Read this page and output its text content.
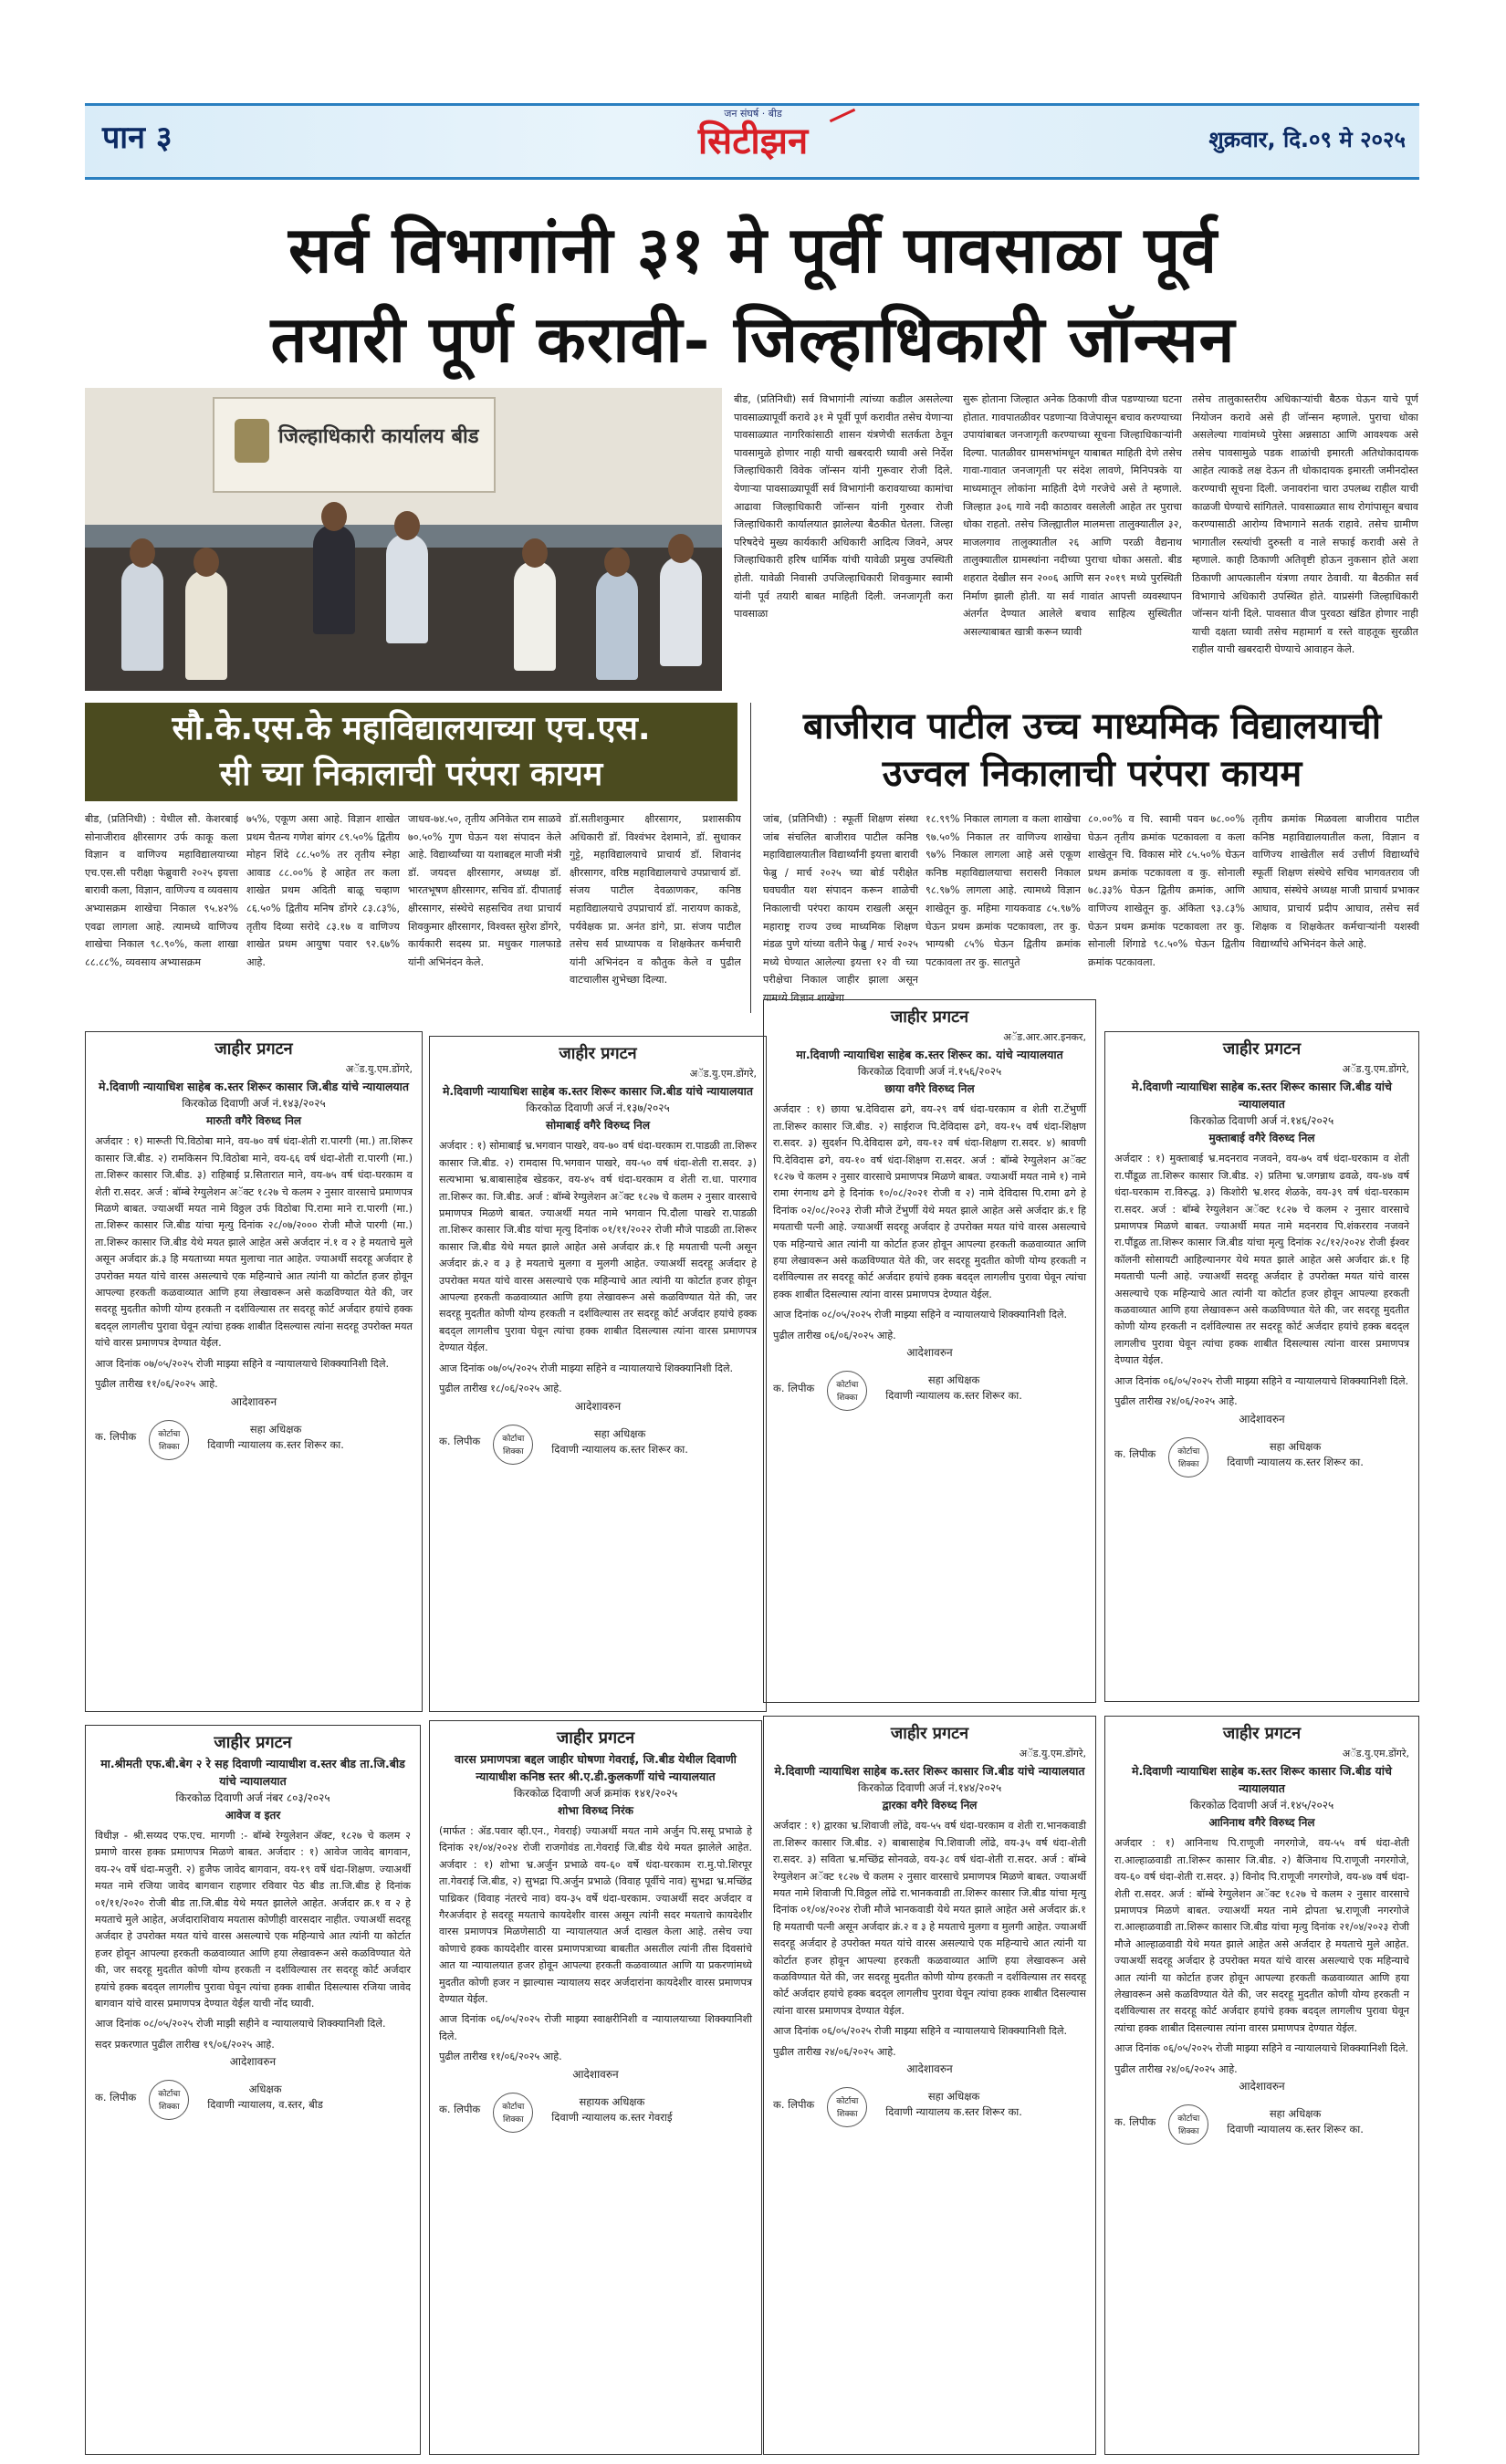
पान ३
जन संघर्ष · बीड
सिटीझन	शुक्रवार, दि.०९ मे २०२५
सर्व विभागांनी ३१ मे पूर्वी पावसाळा पूर्व
तयारी पूर्ण करावी- जिल्हाधिकारी जॉन्सन
जिल्हाधिकारी कार्यालय बीड
बीड, (प्रतिनिधी) सर्व विभागांनी त्यांच्या कडील असलेल्या पावसाळ्यापूर्वी करावे ३१ मे पूर्वी पूर्ण करावीत तसेच येणाऱ्या पावसाळ्यात नागरिकांसाठी शासन यंत्रणेची सतर्कता ठेवून पावसामुळे होणार नाही याची खबरदारी घ्यावी असे निर्देश जिल्हाधिकारी विवेक जॉन्सन यांनी गुरूवार रोजी दिले. येणाऱ्या पावसाळ्यापूर्वी सर्व विभागांनी करावयाच्या कामांचा आढावा जिल्हाधिकारी जॉन्सन यांनी गुरुवार रोजी जिल्हाधिकारी कार्यालयात झालेल्या बैठकीत घेतला. जिल्हा परिषदेचे मुख्य कार्यकारी अधिकारी आदित्य जिवने, अपर जिल्हाधिकारी हरिष धार्मिक यांची यावेळी प्रमुख उपस्थिती होती. यावेळी निवासी उपजिल्हाधिकारी शिवकुमार स्वामी यांनी पूर्व तयारी बाबत माहिती दिली. जनजागृती करा पावसाळा
सुरू होताना जिल्हात अनेक ठिकाणी वीज पडण्याच्या घटना होतात. गावपातळीवर पडणाऱ्या विजेपासून बचाव करण्याच्या उपायांबाबत जनजागृती करण्याच्या सूचना जिल्हाधिकाऱ्यांनी दिल्या. पातळीवर ग्रामसभांमधून याबाबत माहिती देणे तसेच गावा-गावात जनजागृती पर संदेश लावणे, मिनिपत्रके या माध्यमातून लोकांना माहिती देणे गरजेचे असे ते म्हणाले. जिल्हात ३०६ गावे नदी काठावर वसलेली आहेत तर पुराचा धोका राहतो. तसेच जिल्ह्यातील मालमत्ता तालुक्यातील ३२, माजलगाव तालुक्यातील २६ आणि परळी वैद्यनाथ तालुक्यातील ग्रामस्थांना नदीच्या पुराचा धोका असतो. बीड शहरात देखील सन २००६ आणि सन २०१९ मध्ये पुरस्थिती निर्माण झाली होती. या सर्व गावांत आपत्ती व्यवस्थापन अंतर्गत देण्यात आलेले बचाव साहित्य सुस्थितीत असल्याबाबत खात्री करून घ्यावी
तसेच तालुकास्तरीय अधिकाऱ्यांची बैठक घेऊन याचे पूर्ण नियोजन करावे असे ही जॉन्सन म्हणाले. पुराचा धोका असलेल्या गावांमध्ये पुरेसा अन्नसाठा आणि आवश्यक असे तसेच पावसामुळे पडक शाळांची इमारती अतिधोकादायक आहेत त्याकडे लक्ष देऊन ती धोकादायक इमारती जमीनदोस्त करण्याची सूचना दिली. जनावरांना चारा उपलब्ध राहील याची काळजी घेण्याचे सांगितले. पावसाळ्यात साथ रोगांपासून बचाव करण्यासाठी आरोग्य विभागाने सतर्क राहावे. तसेच ग्रामीण भागातील रस्त्यांची दुरुस्ती व नाले सफाई करावी असे ते म्हणाले. काही ठिकाणी अतिवृष्टी होऊन नुकसान होते अशा ठिकाणी आपत्कालीन यंत्रणा तयार ठेवावी. या बैठकीत सर्व विभागाचे अधिकारी उपस्थित होते. याप्रसंगी जिल्हाधिकारी जॉन्सन यांनी दिले. पावसात वीज पुरवठा खंडित होणार नाही याची दक्षता घ्यावी तसेच महामार्ग व रस्ते वाहतूक सुरळीत राहील याची खबरदारी घेण्याचे आवाहन केले.
सौ.के.एस.के महाविद्यालयाच्या एच.एस.
सी च्या निकालाची परंपरा कायम
बाजीराव पाटील उच्च माध्यमिक विद्यालयाची
उज्वल निकालाची परंपरा कायम
बीड, (प्रतिनिधी) : येथील सौ. केशरबाई सोनाजीराव क्षीरसागर उर्फ काकू कला विज्ञान व वाणिज्य महाविद्यालयाच्या एच.एस.सी परीक्षा फेब्रुवारी २०२५ इयत्ता बारावी कला, विज्ञान, वाणिज्य व व्यवसाय अभ्यासक्रम शाखेचा निकाल ९५.४२% एवढा लागला आहे. त्यामध्ये वाणिज्य शाखेचा निकाल ९८.९०%, कला शाखा ८८.८८%, व्यवसाय अभ्यासक्रम
७५%, एकूण असा आहे. विज्ञान शाखेत प्रथम चैतन्य गणेश बांगर ८९.५०% द्वितीय मोहन शिंदे ८८.५०% तर तृतीय स्नेहा आवाड ८८.००% हे आहेत तर कला शाखेत प्रथम अदिती बाळू चव्हाण ८६.५०% द्वितीय मनिष डोंगरे ८३.८३%, तृतीय दिव्या सरोदे ८३.१७ व वाणिज्य शाखेत प्रथम आयुषा पवार ९२.६७% आहे.
जाधव-७४.५०, तृतीय अनिकेत राम साळवे ७०.५०% गुण घेऊन यश संपादन केले आहे. विद्यार्थ्यांच्या या यशाबद्दल माजी मंत्री डॉ. जयदत्त क्षीरसागर, अध्यक्ष डॉ. भारतभूषण क्षीरसागर, सचिव डॉ. दीपाताई क्षीरसागर, संस्थेचे सहसचिव तथा प्राचार्य शिवकुमार क्षीरसागर, विश्वस्त सुरेश डोंगरे, कार्यकारी सदस्य प्रा. मधुकर गालफाडे यांनी अभिनंदन केले.
डॉ.सतीशकुमार क्षीरसागर, प्रशासकीय अधिकारी डॉ. विश्वंभर देशमाने, डॉ. सुधाकर गुट्टे, महाविद्यालयाचे प्राचार्य डॉ. शिवानंद क्षीरसागर, वरिष्ठ महाविद्यालयाचे उपप्राचार्य डॉ. संजय पाटील देवळाणकर, कनिष्ठ महाविद्यालयाचे उपप्राचार्य डॉ. नारायण काकडे, पर्यवेक्षक प्रा. अनंत डांगे, प्रा. संजय पाटील तसेच सर्व प्राध्यापक व शिक्षकेतर कर्मचारी यांनी अभिनंदन व कौतुक केले व पुढील वाटचालीस शुभेच्छा दिल्या.
जांब, (प्रतिनिधी) : स्फूर्ती शिक्षण संस्था जांब संचलित बाजीराव पाटील कनिष्ठ महाविद्यालयातील विद्यार्थ्यांनी इयत्ता बारावी फेब्रु / मार्च २०२५ च्या बोर्ड परीक्षेत घवघवीत यश संपादन करून शाळेची निकालाची परंपरा कायम राखली असून महाराष्ट्र राज्य उच्च माध्यमिक शिक्षण मंडळ पुणे यांच्या वतीने फेब्रु / मार्च २०२५ मध्ये घेण्यात आलेल्या इयत्ता १२ वी च्या परीक्षेचा निकाल जाहीर झाला असून यामध्ये विज्ञान शाखेचा
१८.९९% निकाल लागला व कला शाखेचा ९७.५०% निकाल तर वाणिज्य शाखेचा ९७% निकाल लागला आहे असे एकूण कनिष्ठ महाविद्यालयाचा सरासरी निकाल ९८.९७% लागला आहे. त्यामध्ये विज्ञान शाखेतून कु. महिमा गायकवाड ८५.९७% घेऊन प्रथम क्रमांक पटकावला, तर कु. भाग्यश्री ८५% घेऊन द्वितीय क्रमांक पटकावला तर कु. सातपुते
८०.००% व चि. स्वामी पवन ७८.००% घेऊन तृतीय क्रमांक पटकावला व कला शाखेतून चि. विकास मोरे ८५.५०% घेऊन प्रथम क्रमांक पटकावला व कु. सोनाली ७८.३३% घेऊन द्वितीय क्रमांक, आणि वाणिज्य शाखेतून कु. अंकिता ९३.८३% घेऊन प्रथम क्रमांक पटकावला तर कु. सोनाली शिंगाडे ९८.५०% घेऊन द्वितीय क्रमांक पटकावला.
तृतीय क्रमांक मिळवला बाजीराव पाटील कनिष्ठ महाविद्यालयातील कला, विज्ञान व वाणिज्य शाखेतील सर्व उत्तीर्ण विद्यार्थ्यांचे स्फूर्ती शिक्षण संस्थेचे सचिव भागवतराव जी आघाव, संस्थेचे अध्यक्ष माजी प्राचार्य प्रभाकर आघाव, प्राचार्य प्रदीप आघाव, तसेच सर्व शिक्षक व शिक्षकेतर कर्मचाऱ्यांनी यशस्वी विद्यार्थ्यांचे अभिनंदन केले आहे.
जाहीर प्रगटन
अॅड.यु.एम.डोंगरे,
मे.दिवाणी न्यायाधिश साहेब क.स्तर शिरूर कासार जि.बीड यांचे न्यायालयात
किरकोळ दिवाणी अर्ज नं.१४३/२०२५
मारुती वगैरे विरुध्द निल
अर्जदार : १) मारूती पि.विठोबा माने, वय-७० वर्ष धंदा-शेती रा.पारगी (मा.) ता.शिरूर कासार जि.बीड. २) रामकिसन पि.विठोबा माने, वय-६६ वर्ष धंदा-शेती रा.पारगी (मा.) ता.शिरूर कासार जि.बीड. ३) राहिबाई प्र.सितारात माने, वय-७५ वर्ष धंदा-घरकाम व शेती रा.सदर. अर्ज : बॉम्बे रेग्युलेशन अॅक्ट १८२७ चे कलम २ नुसार वारसाचे प्रमाणपत्र मिळणे बाबत. ज्याअर्थी मयत नामे विठ्ठल उर्फ विठोबा पि.रामा माने रा.पारगी (मा.) ता.शिरूर कासार जि.बीड यांचा मृत्यु दिनांक २८/०७/२००० रोजी मौजे पारगी (मा.) ता.शिरूर कासार जि.बीड येथे मयत झाले आहेत असे अर्जदार नं.१ व २ हे मयताचे मुले असून अर्जदार क्रं.३ हि मयताच्या मयत मुलाचा नात आहेत. ज्याअर्थी सदरहू अर्जदार हे उपरोक्त मयत यांचे वारस असल्याचे एक महिन्याचे आत त्यांनी या कोर्टात हजर होवून आपल्या हरकती कळवाव्यात आणि हया लेखावरून असे कळविण्यात येते की, जर सदरहू मुदतीत कोणी योग्य हरकती न दर्शविल्यास तर सदरहू कोर्ट अर्जदार हयांचे हक्क बदद्ल लागलीच पुरावा घेवून त्यांचा हक्क शाबीत दिसल्यास त्यांना सदरहू उपरोक्त मयत यांचे वारस प्रमाणपत्र देण्यात येईल.
आज दिनांक ०७/०५/२०२५ रोजी माझ्या सहिने व न्यायालयाचे शिक्क्यानिशी दिले.
पुढील तारीख ११/०६/२०२५ आहे.
आदेशावरुन
क. लिपीक	कोर्टाचा शिक्कासहा अधिक्षक
दिवाणी न्यायालय क.स्तर शिरूर का.
जाहीर प्रगटन
अॅड.यु.एम.डोंगरे,
मे.दिवाणी न्यायाधिश साहेब क.स्तर शिरूर कासार जि.बीड यांचे न्यायालयात
किरकोळ दिवाणी अर्ज नं.१३७/२०२५
सोमाबाई वगैरे विरुध्द निल
अर्जदार : १) सोमाबाई भ्र.भगवान पाखरे, वय-७० वर्ष धंदा-घरकाम रा.पाडळी ता.शिरूर कासार जि.बीड. २) रामदास पि.भगवान पाखरे, वय-५० वर्ष धंदा-शेती रा.सदर. ३) सत्यभामा भ्र.बाबासाहेब खेडकर, वय-४५ वर्ष धंदा-घरकाम व शेती रा.धा. पारगाव ता.शिरूर का. जि.बीड. अर्ज : बॉम्बे रेग्युलेशन अॅक्ट १८२७ चे कलम २ नुसार वारसाचे प्रमाणपत्र मिळणे बाबत. ज्याअर्थी मयत नामे भगवान पि.दौला पाखरे रा.पाडळी ता.शिरूर कासार जि.बीड यांचा मृत्यु दिनांक ०१/११/२०२२ रोजी मौजे पाडळी ता.शिरूर कासार जि.बीड येथे मयत झाले आहेत असे अर्जदार क्रं.१ हि मयताची पत्नी असून अर्जदार क्रं.२ व ३ हे मयताचे मुलगा व मुलगी आहेत. ज्याअर्थी सदरहू अर्जदार हे उपरोक्त मयत यांचे वारस असल्याचे एक महिन्याचे आत त्यांनी या कोर्टात हजर होवून आपल्या हरकती कळवाव्यात आणि हया लेखावरून असे कळविण्यात येते की, जर सदरहू मुदतीत कोणी योग्य हरकती न दर्शविल्यास तर सदरहू कोर्ट अर्जदार हयांचे हक्क बदद्ल लागलीच पुरावा घेवून त्यांचा हक्क शाबीत दिसल्यास त्यांना वारस प्रमाणपत्र देण्यात येईल.
आज दिनांक ०७/०५/२०२५ रोजी माझ्या सहिने व न्यायालयाचे शिक्क्यानिशी दिले.
पुढील तारीख १८/०६/२०२५ आहे.
आदेशावरुन
क. लिपीक	कोर्टाचा शिक्कासहा अधिक्षक
दिवाणी न्यायालय क.स्तर शिरूर का.
जाहीर प्रगटन
अॅड.आर.आर.इनकर,
मा.दिवाणी न्यायाधिश साहेब क.स्तर शिरूर का. यांचे न्यायालयात
किरकोळ दिवाणी अर्ज नं.१५६/२०२५
छाया वगैरे विरुध्द निल
अर्जदार : १) छाया भ्र.देविदास ढगे, वय-२९ वर्ष धंदा-घरकाम व शेती रा.टेंभुर्णी ता.शिरूर कासार जि.बीड. २) साईराज पि.देविदास ढगे, वय-१५ वर्ष धंदा-शिक्षण रा.सदर. ३) सुदर्शन पि.देविदास ढगे, वय-१२ वर्ष धंदा-शिक्षण रा.सदर. ४) श्रावणी पि.देविदास ढगे, वय-१० वर्ष धंदा-शिक्षण रा.सदर. अर्ज : बॉम्बे रेग्युलेशन अॅक्ट १८२७ चे कलम २ नुसार वारसाचे प्रमाणपत्र मिळणे बाबत. ज्याअर्थी मयत नामे १) नामे रामा रंगनाथ ढगे हे दिनांक १०/०८/२०२१ रोजी व २) नामे देविदास पि.रामा ढगे हे दिनांक ०२/०८/२०२३ रोजी मौजे टेंभुर्णी येथे मयत झाले आहेत असे अर्जदार क्रं.१ हि मयताची पत्नी आहे. ज्याअर्थी सदरहू अर्जदार हे उपरोक्त मयत यांचे वारस असल्याचे एक महिन्याचे आत त्यांनी या कोर्टात हजर होवून आपल्या हरकती कळवाव्यात आणि हया लेखावरून असे कळविण्यात येते की, जर सदरहू मुदतीत कोणी योग्य हरकती न दर्शविल्यास तर सदरहू कोर्ट अर्जदार हयांचे हक्क बदद्ल लागलीच पुरावा घेवून त्यांचा हक्क शाबीत दिसल्यास त्यांना वारस प्रमाणपत्र देण्यात येईल.
आज दिनांक ०८/०५/२०२५ रोजी माझ्या सहिने व न्यायालयाचे शिक्क्यानिशी दिले.
पुढील तारीख ०६/०६/२०२५ आहे.
आदेशावरुन
क. लिपीक	कोर्टाचा शिक्कासहा अधिक्षक
दिवाणी न्यायालय क.स्तर शिरूर का.
जाहीर प्रगटन
अॅड.यु.एम.डोंगरे,
मे.दिवाणी न्यायाधिश साहेब क.स्तर शिरूर कासार जि.बीड यांचे न्यायालयात
किरकोळ दिवाणी अर्ज नं.१४६/२०२५
मुक्ताबाई वगैरे विरुध्द निल
अर्जदार : १) मुक्ताबाई भ्र.मदनराव नजवने, वय-७५ वर्ष धंदा-घरकाम व शेती रा.पौंडूळ ता.शिरूर कासार जि.बीड. २) प्रतिमा भ्र.जगन्नाथ ढवळे, वय-४७ वर्ष धंदा-घरकाम रा.विरुद्ध. ३) किशोरी भ्र.शरद शेळके, वय-३९ वर्ष धंदा-घरकाम रा.सदर. अर्ज : बॉम्बे रेग्युलेशन अॅक्ट १८२७ चे कलम २ नुसार वारसाचे प्रमाणपत्र मिळणे बाबत. ज्याअर्थी मयत नामे मदनराव पि.शंकरराव नजवने रा.पौंडूळ ता.शिरूर कासार जि.बीड यांचा मृत्यु दिनांक २८/१२/२०२४ रोजी ईश्वर कॉलनी सोसायटी आहिल्यानगर येथे मयत झाले आहेत असे अर्जदार क्रं.१ हि मयताची पत्नी आहे. ज्याअर्थी सदरहू अर्जदार हे उपरोक्त मयत यांचे वारस असल्याचे एक महिन्याचे आत त्यांनी या कोर्टात हजर होवून आपल्या हरकती कळवाव्यात आणि हया लेखावरून असे कळविण्यात येते की, जर सदरहू मुदतीत कोणी योग्य हरकती न दर्शविल्यास तर सदरहू कोर्ट अर्जदार हयांचे हक्क बदद्ल लागलीच पुरावा घेवून त्यांचा हक्क शाबीत दिसल्यास त्यांना वारस प्रमाणपत्र देण्यात येईल.
आज दिनांक ०६/०५/२०२५ रोजी माझ्या सहिने व न्यायालयाचे शिक्क्यानिशी दिले.
पुढील तारीख २४/०६/२०२५ आहे.
आदेशावरुन
क. लिपीक	कोर्टाचा शिक्कासहा अधिक्षक
दिवाणी न्यायालय क.स्तर शिरूर का.
जाहीर प्रगटन
मा.श्रीमती एफ.बी.बेग २ रे सह दिवाणी न्यायाधीश व.स्तर बीड ता.जि.बीड यांचे न्यायालयात
किरकोळ दिवाणी अर्ज नंबर ८०३/२०२५
आवेज व इतर
विधीज्ञ - श्री.सय्यद एफ.एच. मागणी :- बॉम्बे रेग्युलेशन ॲक्ट, १८२७ चे कलम २ प्रमाणे वारस हक्क प्रमाणपत्र मिळणे बाबत. अर्जदार : १) आवेज जावेद बागवान, वय-२५ वर्षे धंदा-मजुरी. २) हुजैफ जावेद बागवान, वय-१९ वर्षे धंदा-शिक्षण. ज्याअर्थी मयत नामे रजिया जावेद बागवान राहणार रविवार पेठ बीड ता.जि.बीड हे दिनांक ०१/११/२०२० रोजी बीड ता.जि.बीड येथे मयत झालेले आहेत. अर्जदार क्र.१ व २ हे मयताचे मुले आहेत, अर्जदाराशिवाय मयतास कोणीही वारसदार नाहीत. ज्याअर्थी सदरहू अर्जदार हे उपरोक्त मयत यांचे वारस असल्याचे एक महिन्याचे आत त्यांनी या कोर्टात हजर होवून आपल्या हरकती कळवाव्यात आणि हया लेखावरून असे कळविण्यात येते की, जर सदरहू मुदतीत कोणी योग्य हरकती न दर्शविल्यास तर सदरहू कोर्ट अर्जदार हयांचे हक्क बदद्ल लागलीच पुरावा घेवून त्यांचा हक्क शाबीत दिसल्यास रजिया जावेद बागवान यांचे वारस प्रमाणपत्र देण्यात येईल याची नोंद घ्यावी.
आज दिनांक ०८/०५/२०२५ रोजी माझी सहीने व न्यायालयाचे शिक्क्यानिशी दिले.
सदर प्रकरणात पुढील तारीख १९/०६/२०२५ आहे.
आदेशावरुन
क. लिपीक	कोर्टाचा शिक्काअधिक्षक
दिवाणी न्यायालय, व.स्तर, बीड
जाहीर प्रगटन
वारस प्रमाणपत्रा बद्दल जाहीर घोषणा गेवराई, जि.बीड येथील दिवाणी न्यायाधीश कनिष्ठ स्तर श्री.ए.डी.कुलकर्णी यांचे न्यायालयात
किरकोळ दिवाणी अर्ज क्रमांक १४१/२०२५
शोभा विरुध्द निरंक
(मार्फत : ॲड.पवार व्ही.एन., गेवराई) ज्याअर्थी मयत नामे अर्जुन पि.ससू प्रभाळे हे दिनांक २१/०४/२०२४ रोजी राजगोवंड ता.गेवराई जि.बीड येथे मयत झालेले आहेत. अर्जदार : १) शोभा भ्र.अर्जुन प्रभाळे वय-६० वर्षे धंदा-घरकाम रा.मु.पो.शिरपूर ता.गेवराई जि.बीड, २) सुभद्रा पि.अर्जुन प्रभाळे (विवाह पूर्वीचे नाव) सुभद्रा भ्र.मच्छिंद्र पाथ्रिकर (विवाह नंतरचे नाव) वय-३५ वर्षे धंदा-घरकाम. ज्याअर्थी सदर अर्जदार व गैरअर्जदार हे सदरहू मयताचे कायदेशीर वारस असून त्यांनी सदर मयताचे कायदेशीर वारस प्रमाणपत्र मिळणेसाठी या न्यायालयात अर्ज दाखल केला आहे. तसेच ज्या कोणाचे हक्क कायदेशीर वारस प्रमाणपत्राच्या बाबतीत असतील त्यांनी तीस दिवसांचे आत या न्यायालयात हजर होवून आपल्या हरकती कळवाव्यात आणि या प्रकरणांमध्ये मुदतीत कोणी हजर न झाल्यास न्यायालय सदर अर्जदारांना कायदेशीर वारस प्रमाणपत्र देण्यात येईल.
आज दिनांक ०६/०५/२०२५ रोजी माझ्या स्वाक्षरीनिशी व न्यायालयाच्या शिक्क्यानिशी दिले.
पुढील तारीख ११/०६/२०२५ आहे.
आदेशावरुन
क. लिपीक	कोर्टाचा शिक्कासहायक अधिक्षक
दिवाणी न्यायालय क.स्तर गेवराई
जाहीर प्रगटन
अॅड.यु.एम.डोंगरे,
मे.दिवाणी न्यायाधिश साहेब क.स्तर शिरूर कासार जि.बीड यांचे न्यायालयात
किरकोळ दिवाणी अर्ज नं.१४४/२०२५
द्वारका वगैरे विरुध्द निल
अर्जदार : १) द्वारका भ्र.शिवाजी लोंढे, वय-५५ वर्ष धंदा-घरकाम व शेती रा.भानकवाडी ता.शिरूर कासार जि.बीड. २) बाबासाहेब पि.शिवाजी लोंढे, वय-३५ वर्ष धंदा-शेती रा.सदर. ३) सविता भ्र.मच्छिंद्र सोनवळे, वय-३८ वर्ष धंदा-शेती रा.सदर. अर्ज : बॉम्बे रेग्युलेशन अॅक्ट १८२७ चे कलम २ नुसार वारसाचे प्रमाणपत्र मिळणे बाबत. ज्याअर्थी मयत नामे शिवाजी पि.विठ्ठल लोंढे रा.भानकवाडी ता.शिरूर कासार जि.बीड यांचा मृत्यु दिनांक ०१/०४/२०२४ रोजी मौजे भानकवाडी येथे मयत झाले आहेत असे अर्जदार क्रं.१ हि मयताची पत्नी असून अर्जदार क्रं.२ व ३ हे मयताचे मुलगा व मुलगी आहेत. ज्याअर्थी सदरहू अर्जदार हे उपरोक्त मयत यांचे वारस असल्याचे एक महिन्याचे आत त्यांनी या कोर्टात हजर होवून आपल्या हरकती कळवाव्यात आणि हया लेखावरून असे कळविण्यात येते की, जर सदरहू मुदतीत कोणी योग्य हरकती न दर्शविल्यास तर सदरहू कोर्ट अर्जदार हयांचे हक्क बदद्ल लागलीच पुरावा घेवून त्यांचा हक्क शाबीत दिसल्यास त्यांना वारस प्रमाणपत्र देण्यात येईल.
आज दिनांक ०६/०५/२०२५ रोजी माझ्या सहिने व न्यायालयाचे शिक्क्यानिशी दिले.
पुढील तारीख २४/०६/२०२५ आहे.
आदेशावरुन
क. लिपीक	कोर्टाचा शिक्कासहा अधिक्षक
दिवाणी न्यायालय क.स्तर शिरूर का.
जाहीर प्रगटन
अॅड.यु.एम.डोंगरे,
मे.दिवाणी न्यायाधिश साहेब क.स्तर शिरूर कासार जि.बीड यांचे न्यायालयात
किरकोळ दिवाणी अर्ज नं.१४५/२०२५
आनिनाथ वगैरे विरुध्द निल
अर्जदार : १) आनिनाथ पि.राणूजी नगरगोजे, वय-५५ वर्ष धंदा-शेती रा.आल्हाळवाडी ता.शिरूर कासार जि.बीड. २) बैजिनाथ पि.राणूजी नगरगोजे, वय-६० वर्ष धंदा-शेती रा.सदर. ३) विनोद पि.राणूजी नगरगोजे, वय-४७ वर्ष धंदा-शेती रा.सदर. अर्ज : बॉम्बे रेग्युलेशन अॅक्ट १८२७ चे कलम २ नुसार वारसाचे प्रमाणपत्र मिळणे बाबत. ज्याअर्थी मयत नामे द्रोपता भ्र.राणूजी नगरगोजे रा.आल्हाळवाडी ता.शिरूर कासार जि.बीड यांचा मृत्यु दिनांक २१/०४/२०२३ रोजी मौजे आल्हाळवाडी येथे मयत झाले आहेत असे अर्जदार हे मयताचे मुले आहेत. ज्याअर्थी सदरहू अर्जदार हे उपरोक्त मयत यांचे वारस असल्याचे एक महिन्याचे आत त्यांनी या कोर्टात हजर होवून आपल्या हरकती कळवाव्यात आणि हया लेखावरून असे कळविण्यात येते की, जर सदरहू मुदतीत कोणी योग्य हरकती न दर्शविल्यास तर सदरहू कोर्ट अर्जदार हयांचे हक्क बदद्ल लागलीच पुरावा घेवून त्यांचा हक्क शाबीत दिसल्यास त्यांना वारस प्रमाणपत्र देण्यात येईल.
आज दिनांक ०६/०५/२०२५ रोजी माझ्या सहिने व न्यायालयाचे शिक्क्यानिशी दिले.
पुढील तारीख २४/०६/२०२५ आहे.
आदेशावरुन
क. लिपीक	कोर्टाचा शिक्कासहा अधिक्षक
दिवाणी न्यायालय क.स्तर शिरूर का.
